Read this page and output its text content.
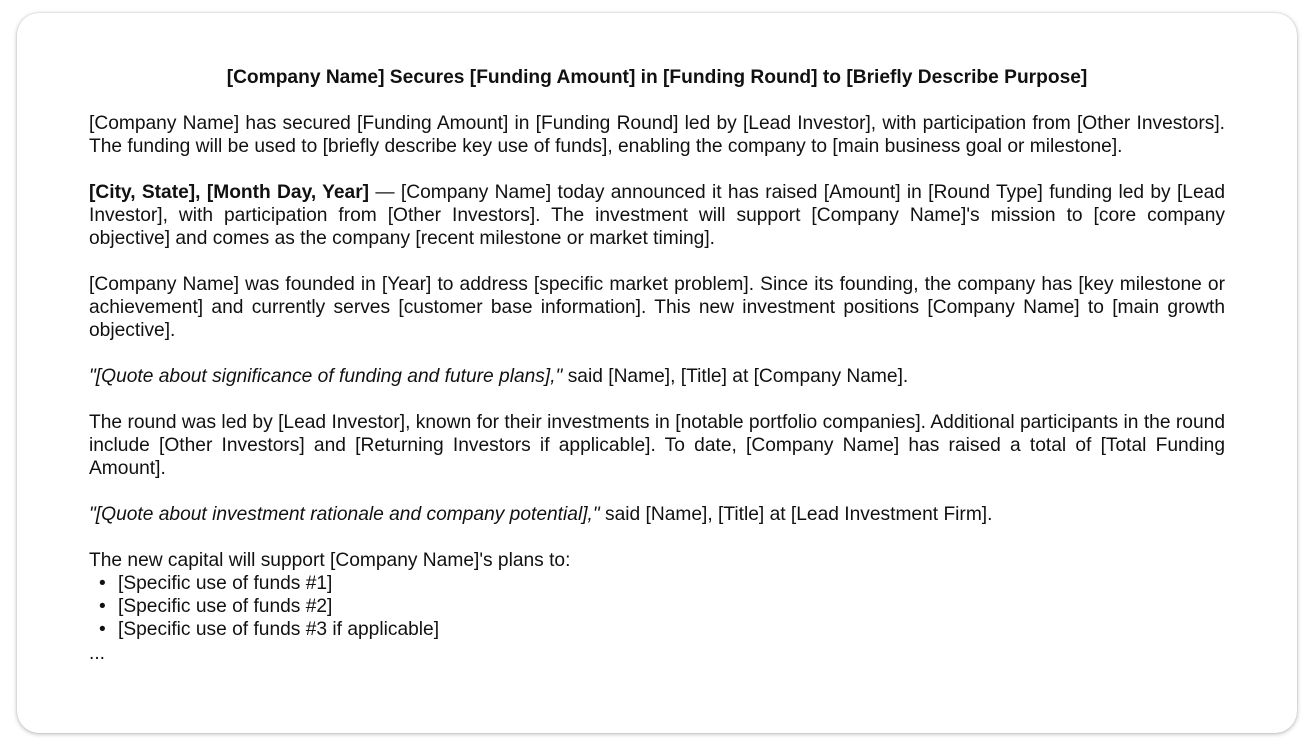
[Company Name] Secures [Funding Amount] in [Funding Round] to [Briefly Describe Purpose]

[Company Name] has secured [Funding Amount] in [Funding Round] led by [Lead Investor], with participation from [Other Investors]. The funding will be used to [briefly describe key use of funds], enabling the company to [main business goal or milestone].

[City, State], [Month Day, Year] — [Company Name] today announced it has raised [Amount] in [Round Type] funding led by [Lead Investor], with participation from [Other Investors]. The investment will support [Company Name]'s mission to [core company objective] and comes as the company [recent milestone or market timing].

[Company Name] was founded in [Year] to address [specific market problem]. Since its founding, the company has [key milestone or achievement] and currently serves [customer base information]. This new investment positions [Company Name] to [main growth objective].

"[Quote about significance of funding and future plans]," said [Name], [Title] at [Company Name].

The round was led by [Lead Investor], known for their investments in [notable portfolio companies]. Additional participants in the round include [Other Investors] and [Returning Investors if applicable]. To date, [Company Name] has raised a total of [Total Funding Amount].

"[Quote about investment rationale and company potential]," said [Name], [Title] at [Lead Investment Firm].

The new capital will support [Company Name]'s plans to:

• [Specific use of funds #1]
• [Specific use of funds #2]
• [Specific use of funds #3 if applicable]
...
